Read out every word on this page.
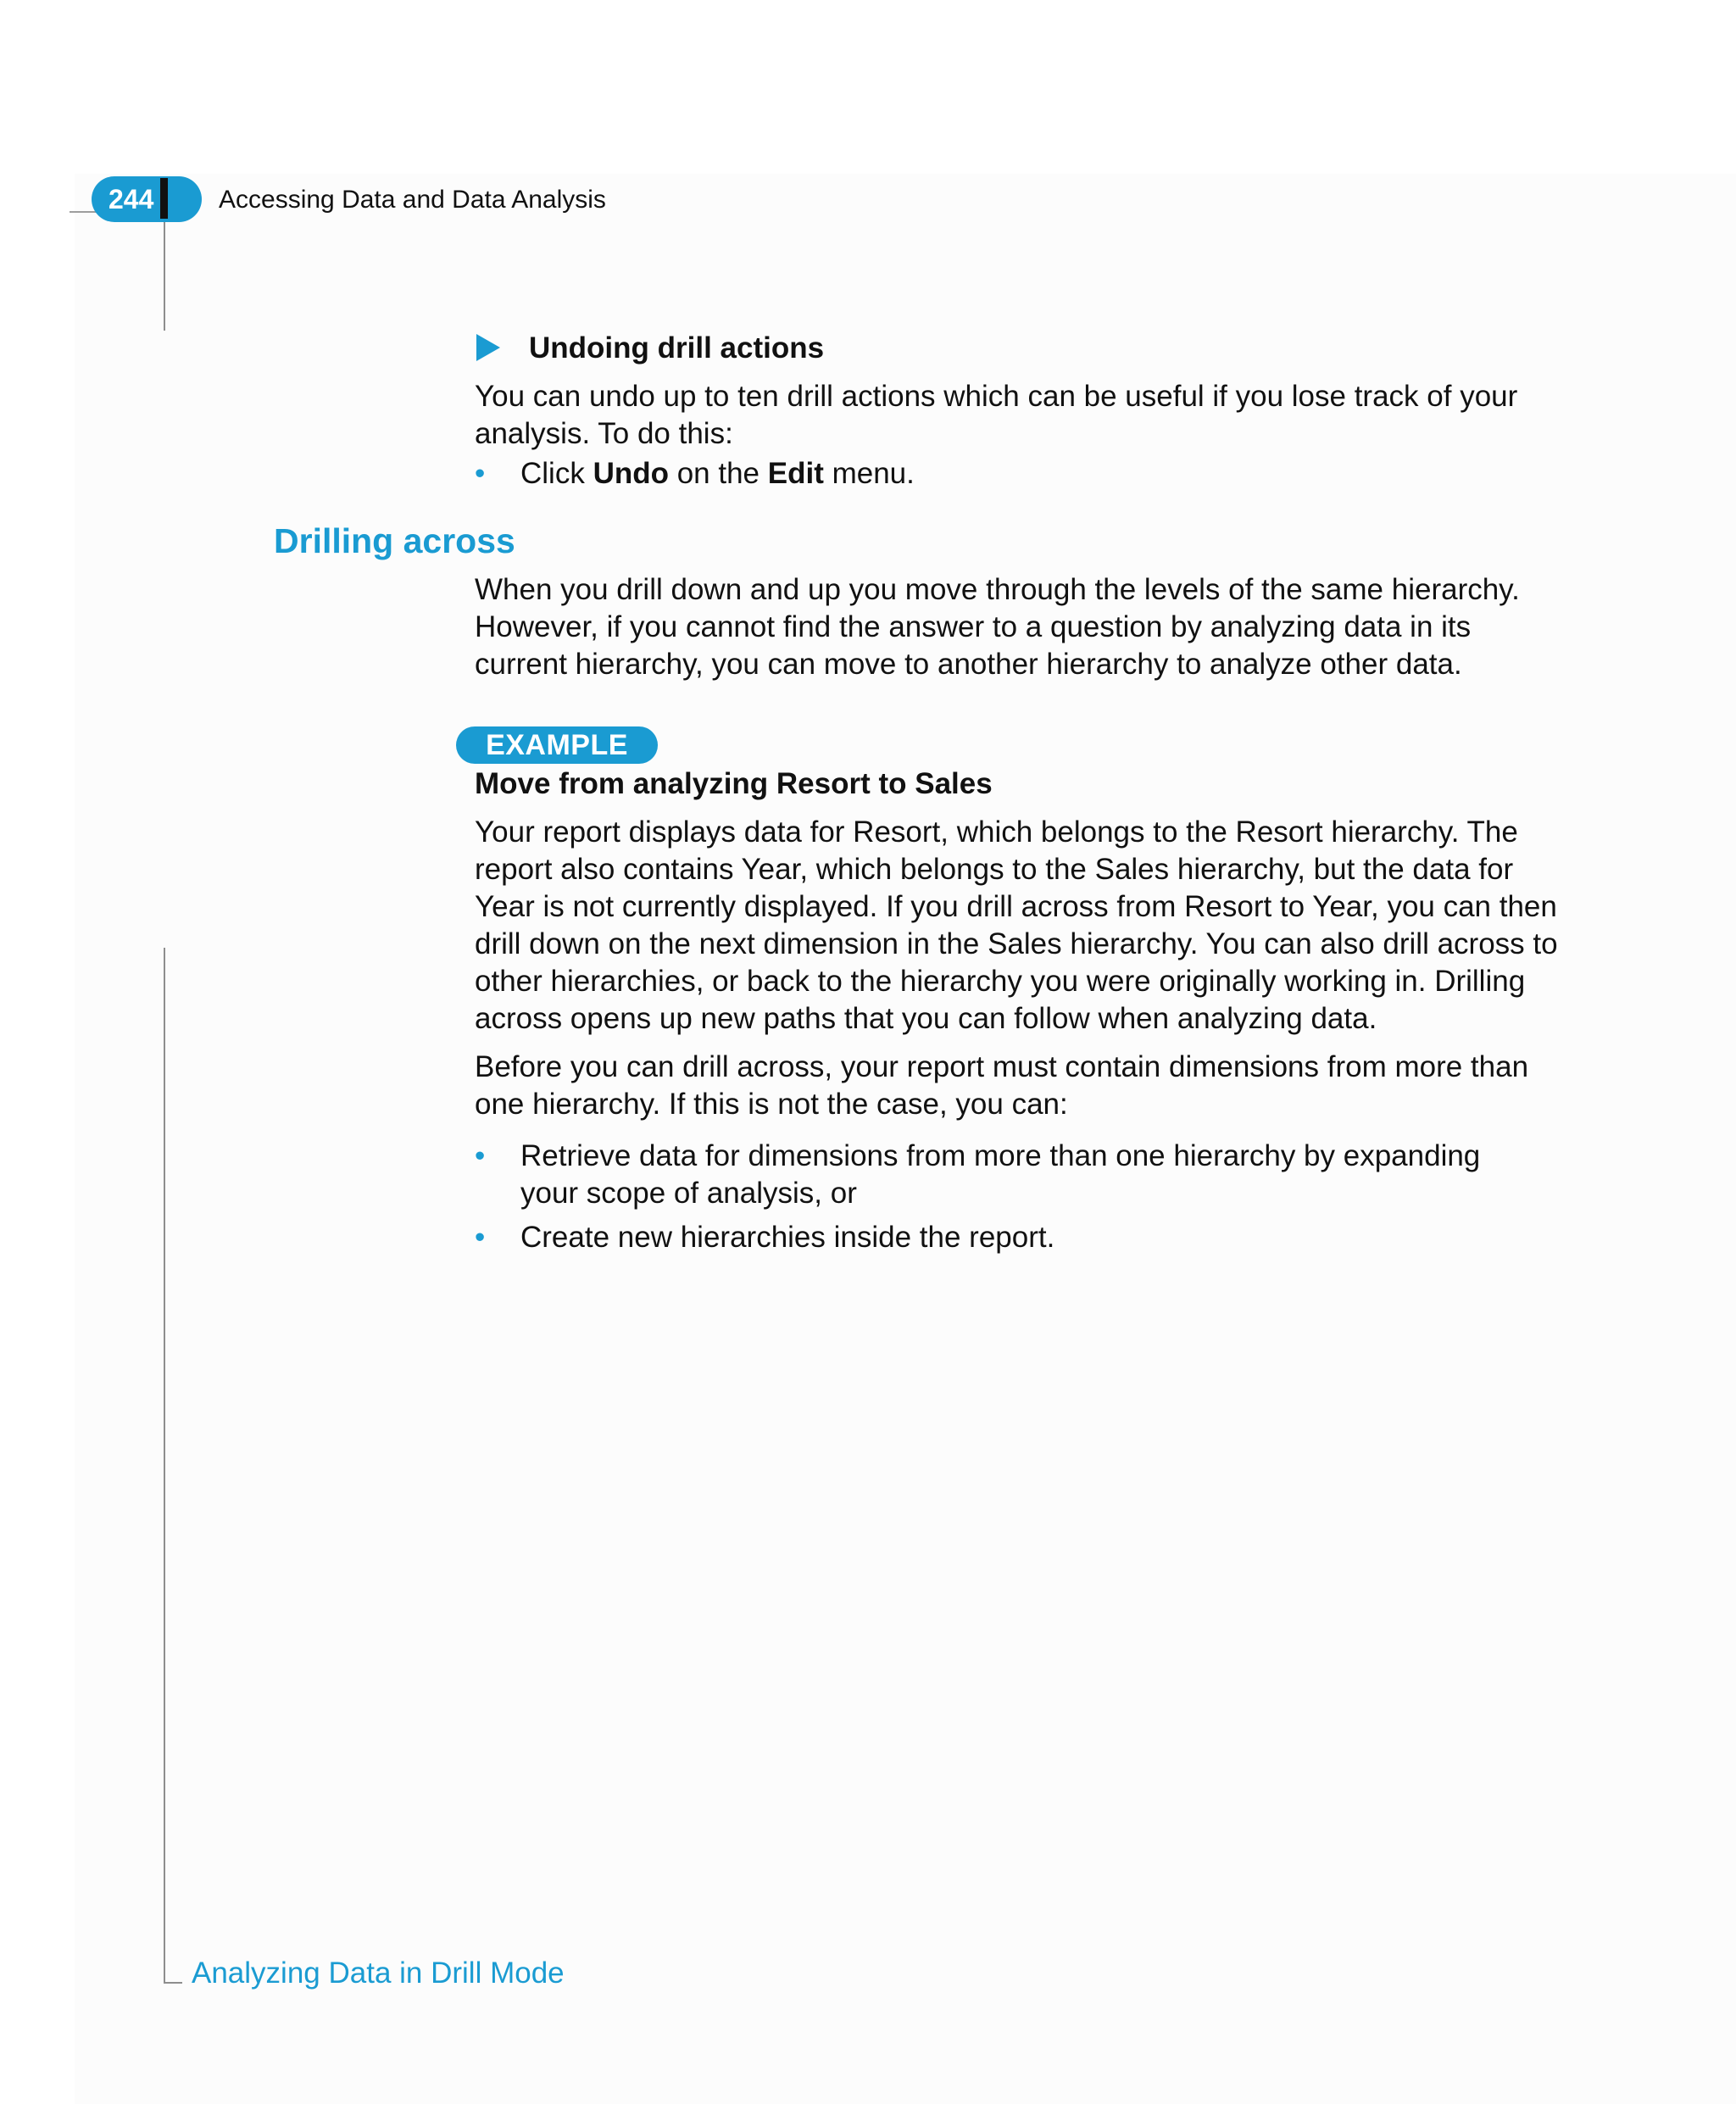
244	Accessing Data and Data Analysis
Undoing drill actions
You can undo up to ten drill actions which can be useful if you lose track of your analysis. To do this:
• Click Undo on the Edit menu.
Drilling across
When you drill down and up you move through the levels of the same hierarchy. However, if you cannot find the answer to a question by analyzing data in its current hierarchy, you can move to another hierarchy to analyze other data.
EXAMPLE
Move from analyzing Resort to Sales
Your report displays data for Resort, which belongs to the Resort hierarchy. The report also contains Year, which belongs to the Sales hierarchy, but the data for Year is not currently displayed. If you drill across from Resort to Year, you can then drill down on the next dimension in the Sales hierarchy. You can also drill across to other hierarchies, or back to the hierarchy you were originally working in. Drilling across opens up new paths that you can follow when analyzing data.
Before you can drill across, your report must contain dimensions from more than one hierarchy. If this is not the case, you can:
• Retrieve data for dimensions from more than one hierarchy by expanding your scope of analysis, or
• Create new hierarchies inside the report.
Analyzing Data in Drill Mode
